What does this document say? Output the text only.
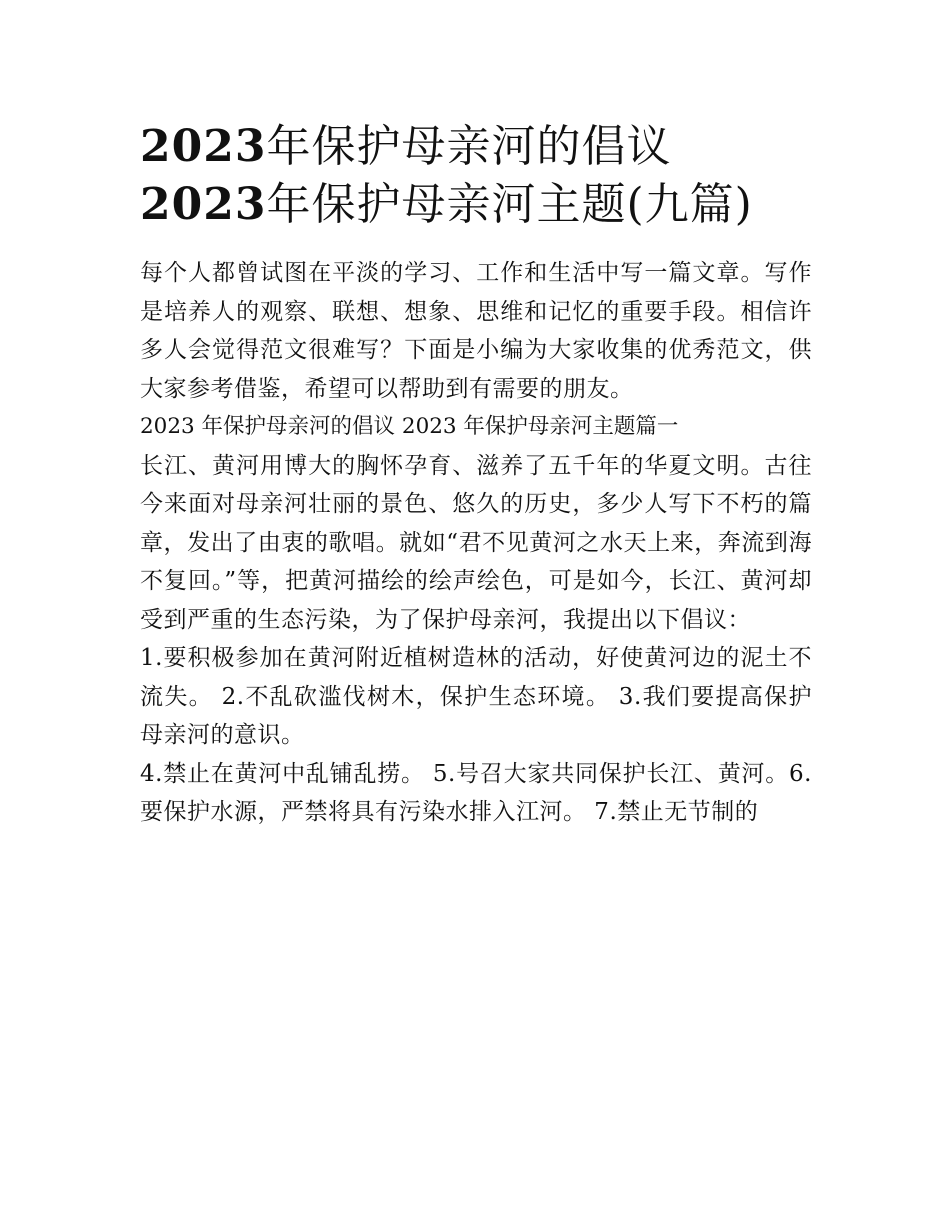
2023年保护母亲河的倡议
2023年保护母亲河主题(九篇)

每个人都曾试图在平淡的学习、工作和生活中写一篇文章。写作是培养人的观察、联想、想象、思维和记忆的重要手段。相信许多人会觉得范文很难写？下面是小编为大家收集的优秀范文，供大家参考借鉴，希望可以帮助到有需要的朋友。

2023 年保护母亲河的倡议 2023 年保护母亲河主题篇一

长江、黄河用博大的胸怀孕育、滋养了五千年的华夏文明。古往今来面对母亲河壮丽的景色、悠久的历史，多少人写下不朽的篇章，发出了由衷的歌唱。就如“君不见黄河之水天上来，奔流到海不复回。”等，把黄河描绘的绘声绘色，可是如今，长江、黄河却受到严重的生态污染，为了保护母亲河，我提出以下倡议：

1.要积极参加在黄河附近植树造林的活动，好使黄河边的泥土不流失。 2.不乱砍滥伐树木，保护生态环境。 3.我们要提高保护母亲河的意识。

4.禁止在黄河中乱铺乱捞。 5.号召大家共同保护长江、黄河。6.要保护水源，严禁将具有污染水排入江河。 7.禁止无节制的
